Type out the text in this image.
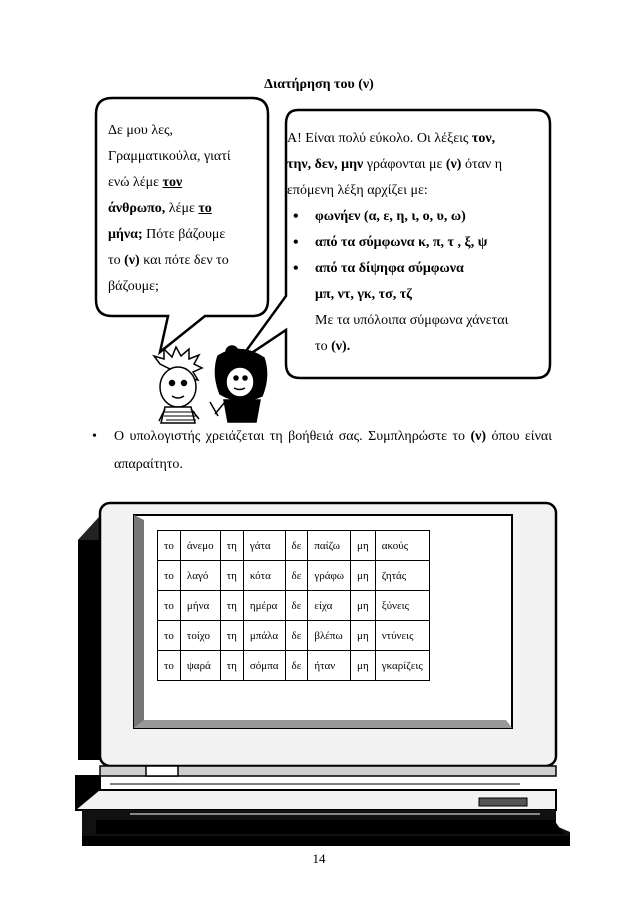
Διατήρηση του (ν)
Δε μου λες,
Γραμματικούλα, γιατί
ενώ λέμε τον
άνθρωπο, λέμε το
μήνα; Πότε βάζουμε
το (ν) και πότε δεν το
βάζουμε;
Α! Είναι πολύ εύκολο. Οι λέξεις τον,
την, δεν, μην γράφονται με (ν) όταν η
επόμενη λέξη αρχίζει με:
• φωνήεν (α, ε, η, ι, ο, υ, ω)
• από τα σύμφωνα κ, π, τ , ξ, ψ
• από τα δίψηφα σύμφωνα
μπ, ντ, γκ, τσ, τζ
Με τα υπόλοιπα σύμφωνα χάνεται
το (ν).
• Ο υπολογιστής χρειάζεται τη βοήθειά σας. Συμπληρώστε το (ν) όπου είναι απαραίτητο.
το	άνεμο	τη	γάτα	δε	παίζω	μη	ακούς
το	λαγό	τη	κότα	δε	γράφω	μη	ζητάς
το	μήνα	τη	ημέρα	δε	είχα	μη	ξύνεις
το	τοίχο	τη	μπάλα	δε	βλέπω	μη	ντύνεις
το	ψαρά	τη	σόμπα	δε	ήταν	μη	γκαρίζεις
14
